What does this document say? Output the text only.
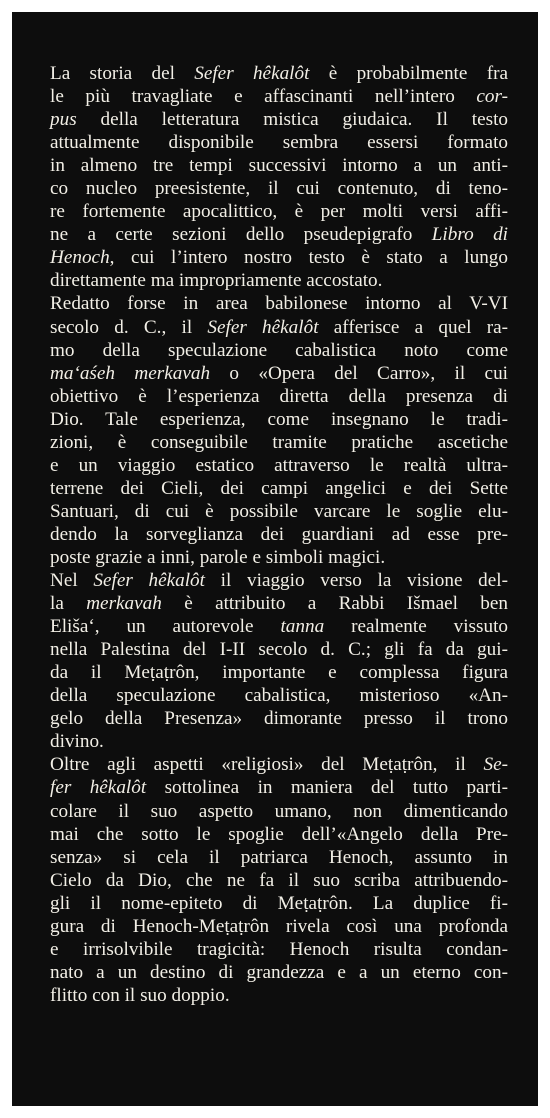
La storia del Sefer hêkalôt è probabilmente fra
le più travagliate e affascinanti nell’intero cor-
pus della letteratura mistica giudaica. Il testo
attualmente disponibile sembra essersi formato
in almeno tre tempi successivi intorno a un anti-
co nucleo preesistente, il cui contenuto, di teno-
re fortemente apocalittico, è per molti versi affi-
ne a certe sezioni dello pseudepigrafo Libro di
Henoch, cui l’intero nostro testo è stato a lungo
direttamente ma impropriamente accostato.
Redatto forse in area babilonese intorno al V-VI
secolo d. C., il Sefer hêkalôt afferisce a quel ra-
mo della speculazione cabalistica noto come
ma‘aśeh merkavah o «Opera del Carro», il cui
obiettivo è l’esperienza diretta della presenza di
Dio. Tale esperienza, come insegnano le tradi-
zioni, è conseguibile tramite pratiche ascetiche
e un viaggio estatico attraverso le realtà ultra-
terrene dei Cieli, dei campi angelici e dei Sette
Santuari, di cui è possibile varcare le soglie elu-
dendo la sorveglianza dei guardiani ad esse pre-
poste grazie a inni, parole e simboli magici.
Nel Sefer hêkalôt il viaggio verso la visione del-
la merkavah è attribuito a Rabbi Išmael ben
Eliša‘, un autorevole tanna realmente vissuto
nella Palestina del I-II secolo d. C.; gli fa da gui-
da il Meṭaṭrôn, importante e complessa figura
della speculazione cabalistica, misterioso «An-
gelo della Presenza» dimorante presso il trono
divino.
Oltre agli aspetti «religiosi» del Meṭaṭrôn, il Se-
fer hêkalôt sottolinea in maniera del tutto parti-
colare il suo aspetto umano, non dimenticando
mai che sotto le spoglie dell’«Angelo della Pre-
senza» si cela il patriarca Henoch, assunto in
Cielo da Dio, che ne fa il suo scriba attribuendo-
gli il nome-epiteto di Meṭaṭrôn. La duplice fi-
gura di Henoch-Meṭaṭrôn rivela così una profonda
e irrisolvibile tragicità: Henoch risulta condan-
nato a un destino di grandezza e a un eterno con-
flitto con il suo doppio.
